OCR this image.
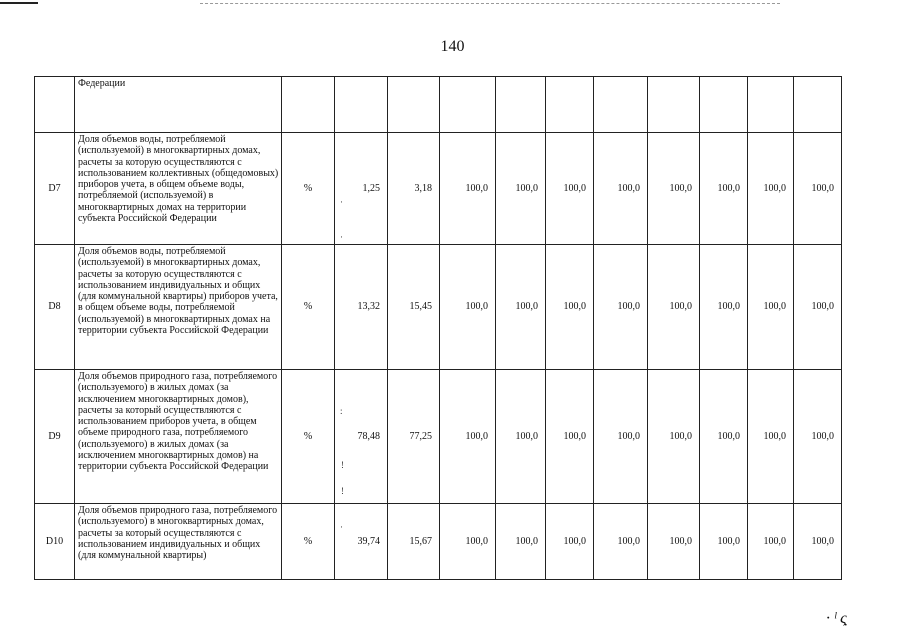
140
	Федерации											
D7	Доля объемов воды, потребляемой (используемой) в многоквартирных домах, расчеты за которую осуществляются с использованием коллективных (общедомовых) приборов учета, в общем объеме воды, потребляемой (используемой) в многоквартирных домах на территории субъекта Российской Федерации	%	1,25	3,18	100,0	100,0	100,0	100,0	100,0	100,0	100,0	100,0
D8	Доля объемов воды, потребляемой (используемой) в многоквартирных домах, расчеты за которую осуществляются с использованием индивидуальных и общих (для коммунальной квартиры) приборов учета, в общем объеме воды, потребляемой (используемой) в многоквартирных домах на территории субъекта Российской Федерации	%	13,32	15,45	100,0	100,0	100,0	100,0	100,0	100,0	100,0	100,0
D9	Доля объемов природного газа, потребляемого (используемого) в жилых домах (за исключением многоквартирных домов), расчеты за который осуществляются с использованием приборов учета, в общем объеме природного газа, потребляемого (используемого) в жилых домах (за исключением многоквартирных домов) на территории субъекта Российской Федерации	%	78,48	77,25	100,0	100,0	100,0	100,0	100,0	100,0	100,0	100,0
D10	Доля объемов природного газа, потребляемого (используемого) в многоквартирных домах, расчеты за который осуществляются с использованием индивидуальных и общих (для коммунальной квартиры)	%	39,74	15,67	100,0	100,0	100,0	100,0	100,0	100,0	100,0	100,0
·
·
:
!
!
·
· ˡ ς̣
